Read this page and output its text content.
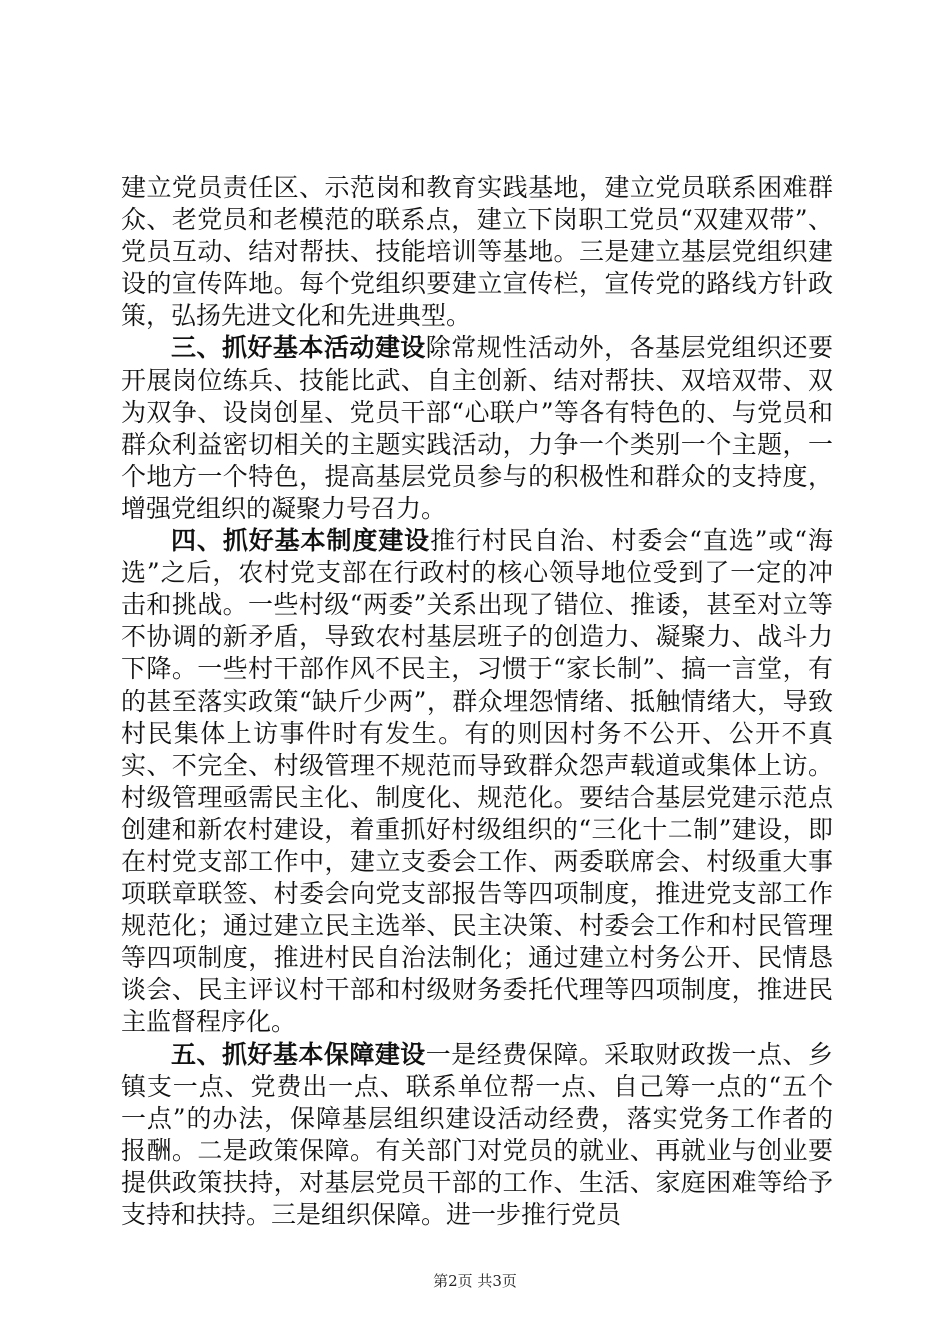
建立党员责任区、示范岗和教育实践基地，建立党员联系困难群众、老党员和老模范的联系点，建立下岗职工党员“双建双带”、党员互动、结对帮扶、技能培训等基地。三是建立基层党组织建设的宣传阵地。每个党组织要建立宣传栏，宣传党的路线方针政策，弘扬先进文化和先进典型。

三、抓好基本活动建设除常规性活动外，各基层党组织还要开展岗位练兵、技能比武、自主创新、结对帮扶、双培双带、双为双争、设岗创星、党员干部“心联户”等各有特色的、与党员和群众利益密切相关的主题实践活动，力争一个类别一个主题，一个地方一个特色，提高基层党员参与的积极性和群众的支持度，增强党组织的凝聚力号召力。

四、抓好基本制度建设推行村民自治、村委会“直选”或“海选”之后，农村党支部在行政村的核心领导地位受到了一定的冲击和挑战。一些村级“两委”关系出现了错位、推诿，甚至对立等不协调的新矛盾，导致农村基层班子的创造力、凝聚力、战斗力下降。一些村干部作风不民主，习惯于“家长制”、搞一言堂，有的甚至落实政策“缺斤少两”，群众埋怨情绪、抵触情绪大，导致村民集体上访事件时有发生。有的则因村务不公开、公开不真实、不完全、村级管理不规范而导致群众怨声载道或集体上访。村级管理亟需民主化、制度化、规范化。要结合基层党建示范点创建和新农村建设，着重抓好村级组织的“三化十二制”建设，即在村党支部工作中，建立支委会工作、两委联席会、村级重大事项联章联签、村委会向党支部报告等四项制度，推进党支部工作规范化；通过建立民主选举、民主决策、村委会工作和村民管理等四项制度，推进村民自治法制化；通过建立村务公开、民情恳谈会、民主评议村干部和村级财务委托代理等四项制度，推进民主监督程序化。

五、抓好基本保障建设一是经费保障。采取财政拨一点、乡镇支一点、党费出一点、联系单位帮一点、自己筹一点的“五个一点”的办法，保障基层组织建设活动经费，落实党务工作者的报酬。二是政策保障。有关部门对党员的就业、再就业与创业要提供政策扶持，对基层党员干部的工作、生活、家庭困难等给予支持和扶持。三是组织保障。进一步推行党员

第2页 共3页
